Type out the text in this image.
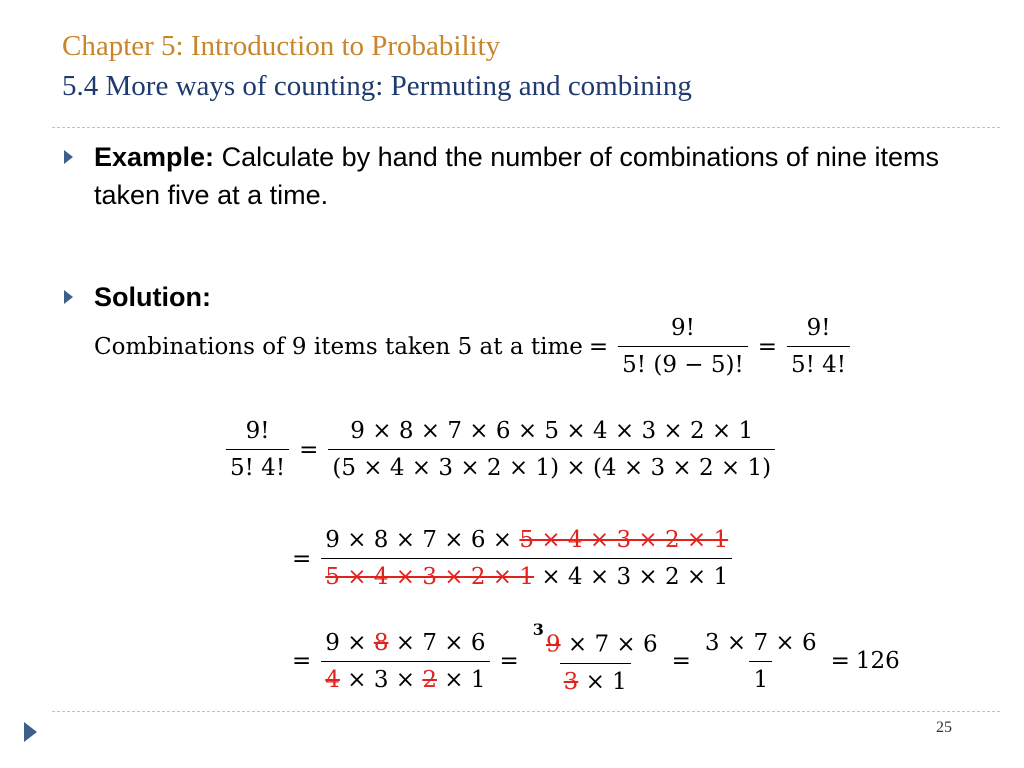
Chapter 5: Introduction to Probability
5.4 More ways of counting: Permuting and combining
Example: Calculate by hand the number of combinations of nine items taken five at a time.
Solution:
Combinations of 9 items taken 5 at a time = $\frac{9!}{5! (9 - 5)!} = \frac{9!}{5! 4!}$
$\frac{9!}{5! 4!} = \frac{9 \times 8 \times 7 \times 6 \times 5 \times 4 \times 3 \times 2 \times 1}{(5 \times 4 \times 3 \times 2 \times 1) \times (4 \times 3 \times 2 \times 1)}$
= $\frac{9 \times 8 \times 7 \times 6 \times 5 \times 4 \times 3 \times 2 \times 1}{5 \times 4 \times 3 \times 2 \times 1 \times 4 \times 3 \times 2 \times 1}$
= $\frac{9 \times 8 \times 7 \times 6}{4 \times 3 \times 2 \times 1} = \frac{^39 \times 7 \times 6}{3 \times 1} = \frac{3 \times 7 \times 6}{1} = 126$
25
